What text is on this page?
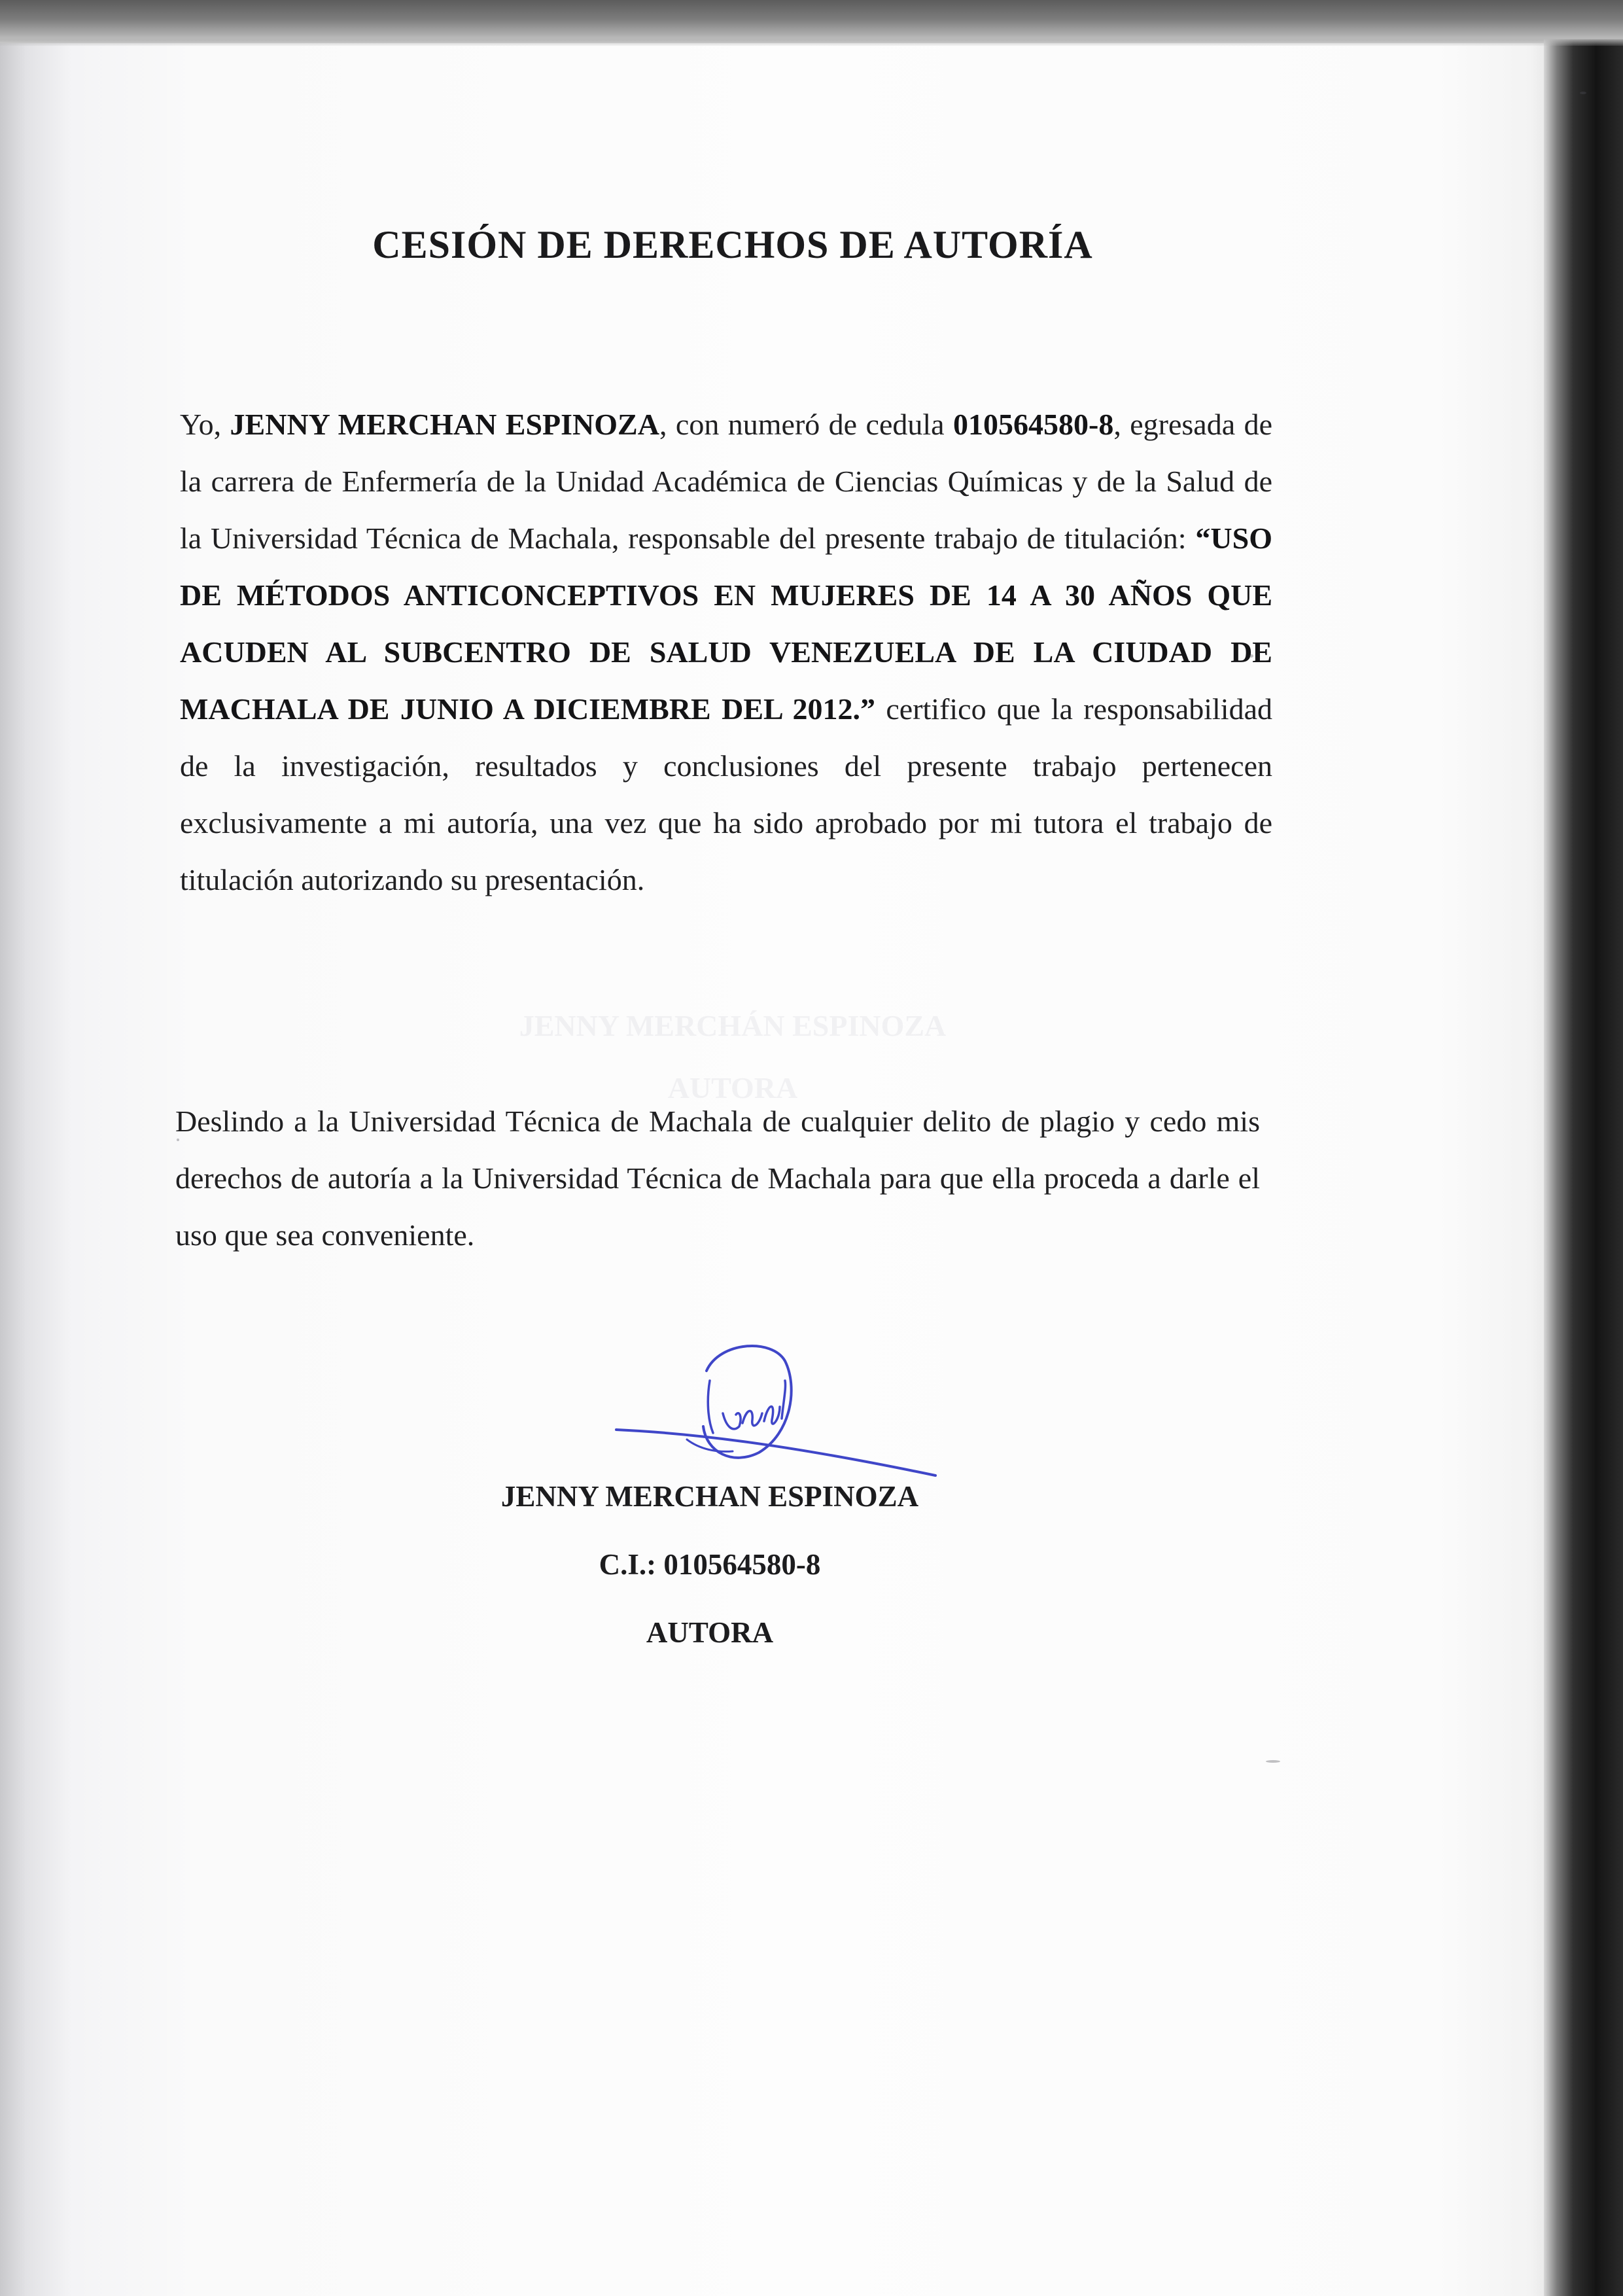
JENNY MERCHÁN ESPINOZA
AUTORA
CESIÓN DE DERECHOS DE AUTORÍA

Yo, JENNY MERCHAN ESPINOZA, con numeró de cedula 010564580-8, egresada de la carrera de Enfermería de la Unidad Académica de Ciencias Químicas y de la Salud de la Universidad Técnica de Machala, responsable del presente trabajo de titulación: “USO DE MÉTODOS ANTICONCEPTIVOS EN MUJERES DE 14 A 30 AÑOS QUE ACUDEN AL SUBCENTRO DE SALUD VENEZUELA DE LA CIUDAD DE MACHALA DE JUNIO A DICIEMBRE DEL 2012.” certifico que la responsabilidad de la investigación, resultados y conclusiones del presente trabajo pertenecen exclusivamente a mi autoría, una vez que ha sido aprobado por mi tutora el trabajo de titulación autorizando su presentación.

Deslindo a la Universidad Técnica de Machala de cualquier delito de plagio y cedo mis derechos de autoría a la Universidad Técnica de Machala para que ella proceda a darle el uso que sea conveniente.

JENNY MERCHAN ESPINOZA
C.I.: 010564580-8
AUTORA
